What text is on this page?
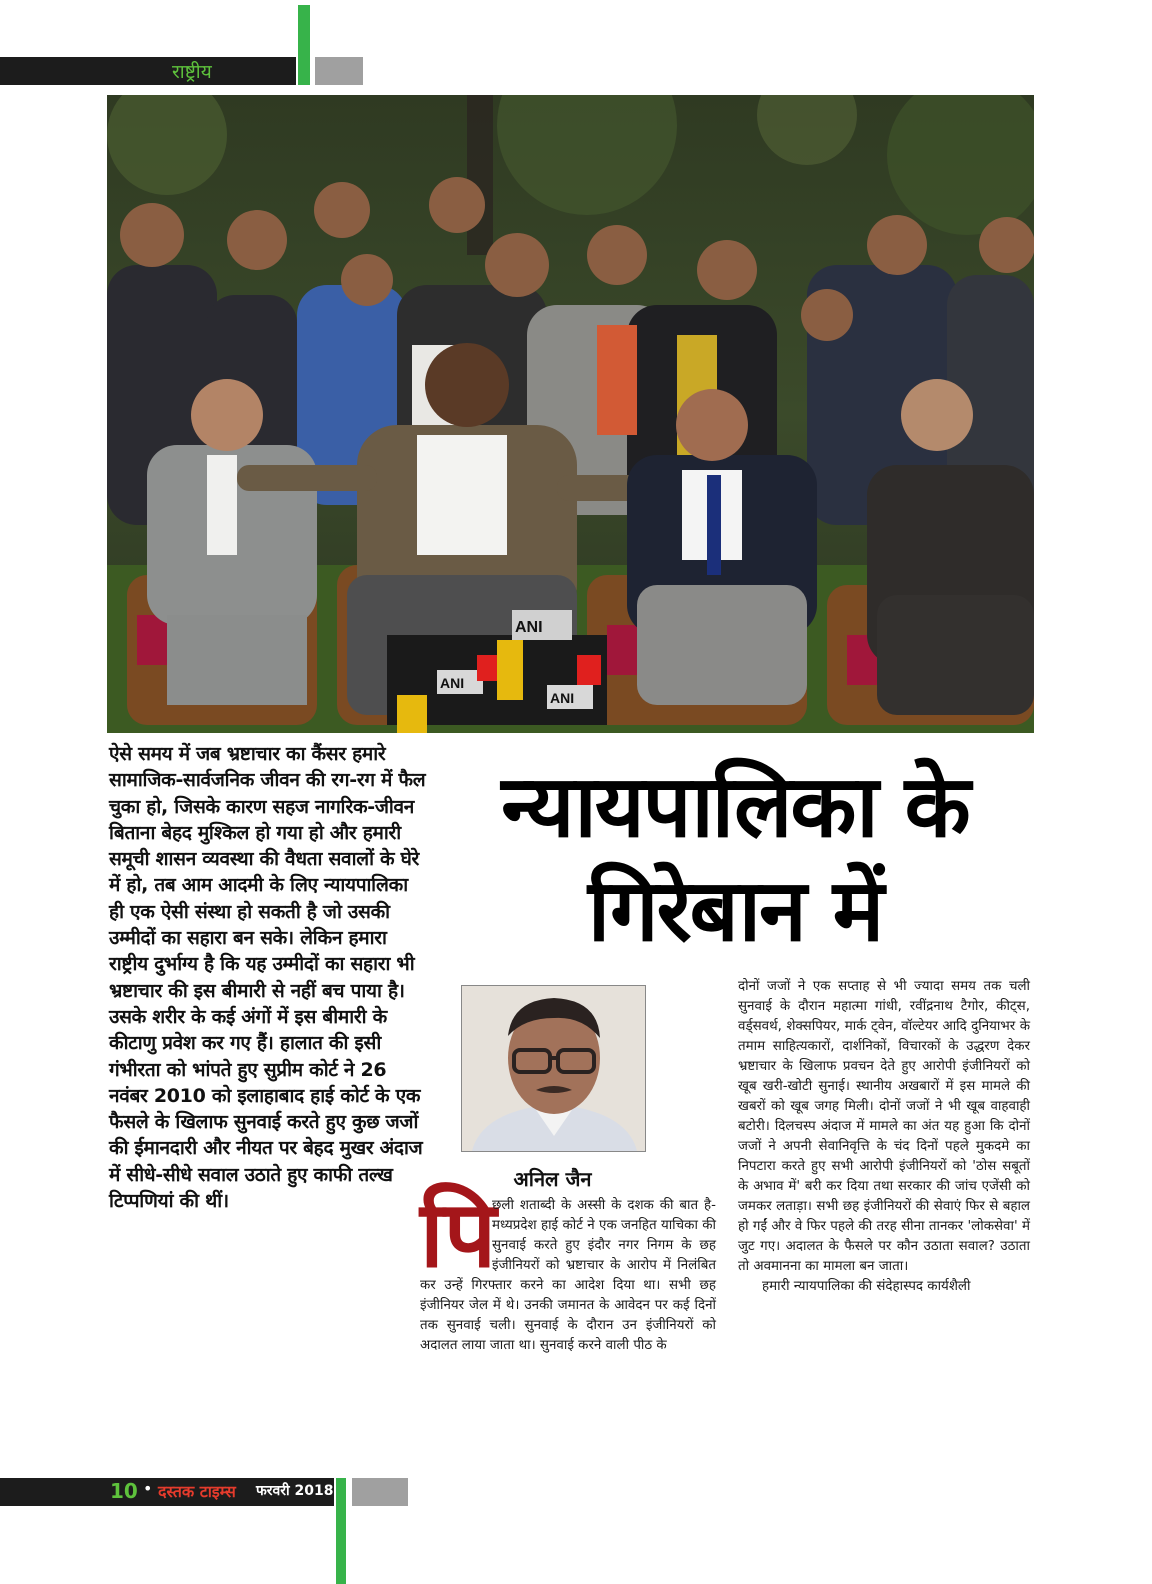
राष्ट्रीय
ANI
ANI
ANI
ऐसे समय में जब भ्रष्टाचार का कैंसर हमारे सामाजिक-सार्वजनिक जीवन की रग-रग में फैल चुका हो, जिसके कारण सहज नागरिक-जीवन बिताना बेहद मुश्किल हो गया हो और हमारी समूची शासन व्यवस्था की वैधता सवालों के घेरे में हो, तब आम आदमी के लिए न्यायपालिका ही एक ऐसी संस्था हो सकती है जो उसकी उम्मीदों का सहारा बन सके। लेकिन हमारा राष्ट्रीय दुर्भाग्य है कि यह उम्मीदों का सहारा भी भ्रष्टाचार की इस बीमारी से नहीं बच पाया है। उसके शरीर के कई अंगों में इस बीमारी के कीटाणु प्रवेश कर गए हैं। हालात की इसी गंभीरता को भांपते हुए सुप्रीम कोर्ट ने 26 नवंबर 2010 को इलाहाबाद हाई कोर्ट के एक फैसले के खिलाफ सुनवाई करते हुए कुछ जजों की ईमानदारी और नीयत पर बेहद मुखर अंदाज में सीधे-सीधे सवाल उठाते हुए काफी तल्ख टिप्पणियां की थीं।
न्यायपालिका के
गिरेबान में
अनिल जैन
पि
छली शताब्दी के अस्सी के दशक की बात है- मध्यप्रदेश हाई कोर्ट ने एक जनहित याचिका की सुनवाई करते हुए इंदौर नगर निगम के छह इंजीनियरों को भ्रष्टाचार के आरोप में निलंबित कर उन्हें गिरफ्तार करने का आदेश दिया था। सभी छह इंजीनियर जेल में थे। उनकी जमानत के आवेदन पर कई दिनों तक सुनवाई चली। सुनवाई के दौरान उन इंजीनियरों को अदालत लाया जाता था। सुनवाई करने वाली पीठ के
दोनों जजों ने एक सप्ताह से भी ज्यादा समय तक चली सुनवाई के दौरान महात्मा गांधी, रवींद्रनाथ टैगोर, कीट्स, वर्ड्सवर्थ, शेक्सपियर, मार्क ट्वेन, वॉल्टेयर आदि दुनियाभर के तमाम साहित्यकारों, दार्शनिकों, विचारकों के उद्धरण देकर भ्रष्टाचार के खिलाफ प्रवचन देते हुए आरोपी इंजीनियरों को खूब खरी-खोटी सुनाई। स्थानीय अखबारों में इस मामले की खबरों को खूब जगह मिली। दोनों जजों ने भी खूब वाहवाही बटोरी। दिलचस्प अंदाज में मामले का अंत यह हुआ कि दोनों जजों ने अपनी सेवानिवृत्ति के चंद दिनों पहले मुकदमे का निपटारा करते हुए सभी आरोपी इंजीनियरों को 'ठोस सबूतों के अभाव में' बरी कर दिया तथा सरकार की जांच एजेंसी को जमकर लताड़ा। सभी छह इंजीनियरों की सेवाएं फिर से बहाल हो गईं और वे फिर पहले की तरह सीना तानकर 'लोकसेवा' में जुट गए। अदालत के फैसले पर कौन उठाता सवाल? उठाता तो अवमानना का मामला बन जाता।
हमारी न्यायपालिका की संदेहास्पद कार्यशैली
10 • दस्तक टाइम्स फरवरी 2018
